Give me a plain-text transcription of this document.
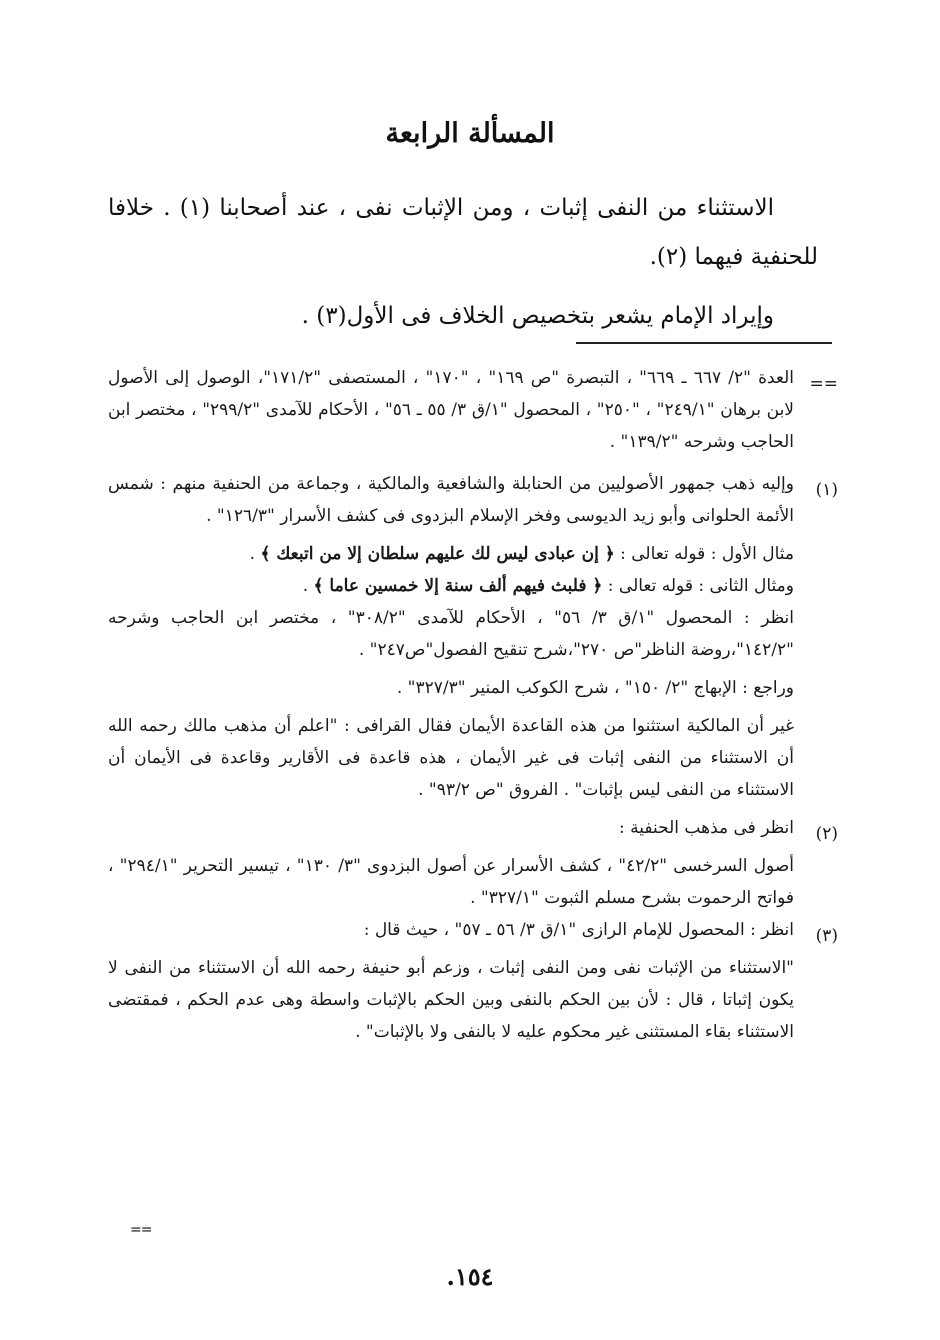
المسألة الرابعة

الاستثناء من النفى إثبات ، ومن الإثبات نفى ، عند أصحابنا (١) . خلافا للحنفية فيهما (٢).

وإيراد الإمام يشعر بتخصيص الخلاف فى الأول(٣) .

==

العدة "٢/ ٦٦٧ ـ ٦٦٩" ، التبصرة "ص ١٦٩" ، "١٧٠" ، المستصفى "١٧١/٢"، الوصول إلى الأصول لابن برهان "٢٤٩/١" ، "٢٥٠" ، المحصول "١/ق ٣/ ٥٥ ـ ٥٦" ، الأحكام للآمدى "٢٩٩/٢" ، مختصر ابن الحاجب وشرحه "١٣٩/٢" .

(١)

وإليه ذهب جمهور الأصوليين من الحنابلة والشافعية والمالكية ، وجماعة من الحنفية منهم : شمس الأئمة الحلوانى وأبو زيد الديوسى وفخر الإسلام البزدوى فى كشف الأسرار "١٢٦/٣" .

مثال الأول : قوله تعالى : ﴿ إن عبادى ليس لك عليهم سلطان إلا من اتبعك ﴾ .

ومثال الثانى : قوله تعالى : ﴿ فلبث فيهم ألف سنة إلا خمسين عاما ﴾ .

انظر : المحصول "١/ق ٣/ ٥٦" ، الأحكام للآمدى "٣٠٨/٢" ، مختصر ابن الحاجب وشرحه "١٤٢/٢"،روضة الناظر"ص ٢٧٠"،شرح تنقيح الفصول"ص٢٤٧" .

وراجع : الإبهاج "٢/ ١٥٠" ، شرح الكوكب المنير "٣٢٧/٣" .

غير أن المالكية استثنوا من هذه القاعدة الأيمان فقال القرافى : "اعلم أن مذهب مالك رحمه الله أن الاستثناء من النفى إثبات فى غير الأيمان ، هذه قاعدة فى الأقارير وقاعدة فى الأيمان أن الاستثناء من النفى ليس بإثبات" . الفروق "ص ٩٣/٢" .

(٢)

انظر فى مذهب الحنفية :

أصول السرخسى "٤٢/٢" ، كشف الأسرار عن أصول البزدوى "٣/ ١٣٠" ، تيسير التحرير "٢٩٤/١" ، فواتح الرحموت بشرح مسلم الثبوت "٣٢٧/١" .

(٣)

انظر : المحصول للإمام الرازى "١/ق ٣/ ٥٦ ـ ٥٧" ، حيث قال :

"الاستثناء من الإثبات نفى ومن النفى إثبات ، وزعم أبو حنيفة رحمه الله أن الاستثناء من النفى لا يكون إثباتا ، قال : لأن بين الحكم بالنفى وبين الحكم بالإثبات واسطة وهى عدم الحكم ، فمقتضى الاستثناء بقاء المستثنى غير محكوم عليه لا بالنفى ولا بالإثبات" .

==
١٥٤.
